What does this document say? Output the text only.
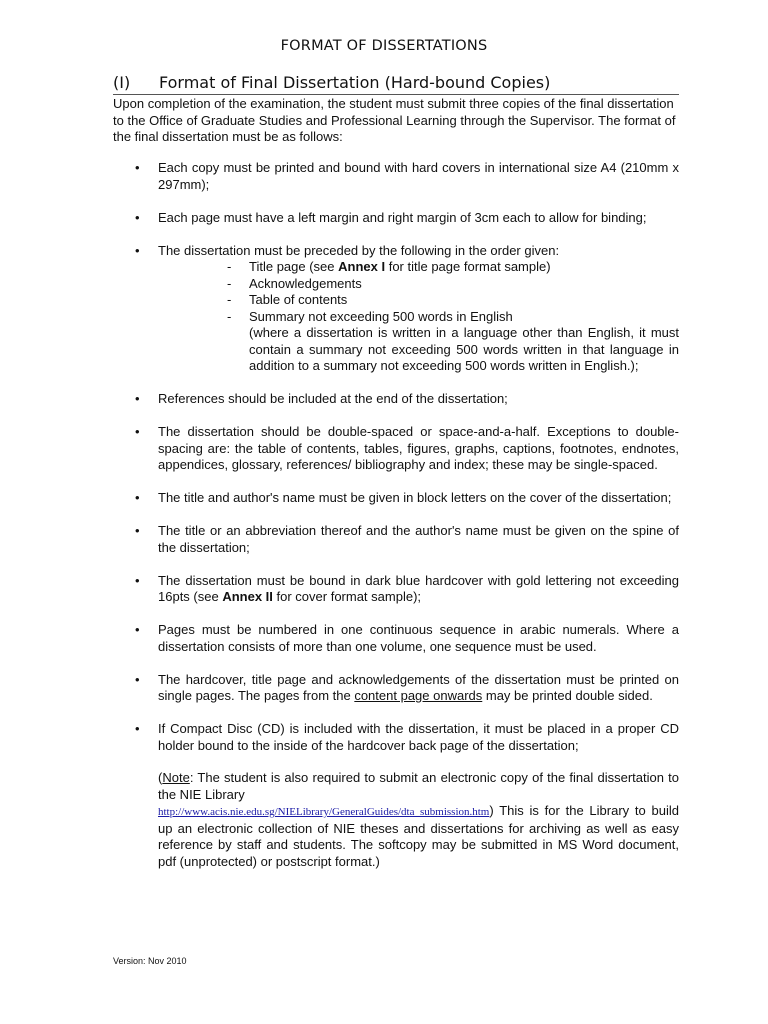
FORMAT OF DISSERTATIONS
(I) Format of Final Dissertation (Hard-bound Copies)

Upon completion of the examination, the student must submit three copies of the final dissertation to the Office of Graduate Studies and Professional Learning through the Supervisor. The format of the final dissertation must be as follows:

• Each copy must be printed and bound with hard covers in international size A4 (210mm x 297mm);
• Each page must have a left margin and right margin of 3cm each to allow for binding;
• The dissertation must be preceded by the following in the order given:
- Title page (see Annex I for title page format sample)
- Acknowledgements
- Table of contents
- Summary not exceeding 500 words in English
(where a dissertation is written in a language other than English, it must contain a summary not exceeding 500 words written in that language in addition to a summary not exceeding 500 words written in English.);
• References should be included at the end of the dissertation;
• The dissertation should be double-spaced or space-and-a-half. Exceptions to double-spacing are: the table of contents, tables, figures, graphs, captions, footnotes, endnotes, appendices, glossary, references/ bibliography and index; these may be single-spaced.
• The title and author's name must be given in block letters on the cover of the dissertation;
• The title or an abbreviation thereof and the author's name must be given on the spine of the dissertation;
• The dissertation must be bound in dark blue hardcover with gold lettering not exceeding 16pts (see Annex II for cover format sample);
• Pages must be numbered in one continuous sequence in arabic numerals. Where a dissertation consists of more than one volume, one sequence must be used.
• The hardcover, title page and acknowledgements of the dissertation must be printed on single pages. The pages from the content page onwards may be printed double sided.
• If Compact Disc (CD) is included with the dissertation, it must be placed in a proper CD holder bound to the inside of the hardcover back page of the dissertation;
(Note: The student is also required to submit an electronic copy of the final dissertation to the NIE Library
http://www.acis.nie.edu.sg/NIELibrary/GeneralGuides/dta_submission.htm) This is for the Library to build up an electronic collection of NIE theses and dissertations for archiving as well as easy reference by staff and students. The softcopy may be submitted in MS Word document, pdf (unprotected) or postscript format.)
Version: Nov 2010
